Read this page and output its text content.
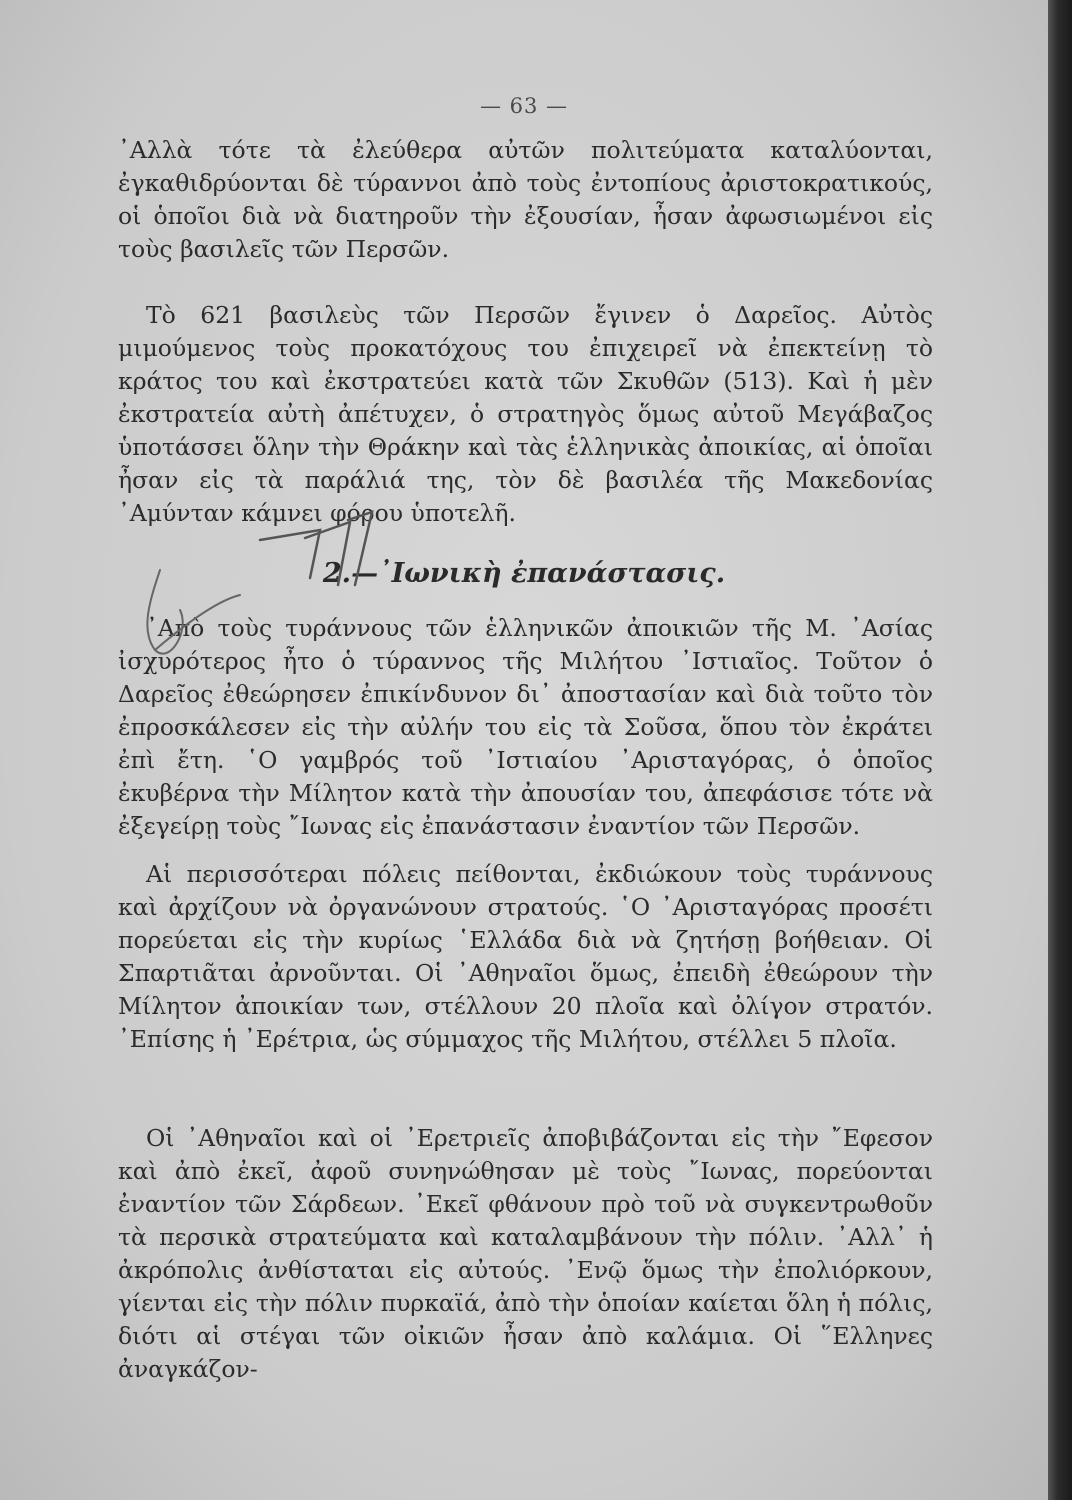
— 63 —

᾿Αλλὰ τότε τὰ ἐλεύθερα αὐτῶν πολιτεύματα καταλύονται, ἐγκαθιδρύονται δὲ τύραννοι ἀπὸ τοὺς ἐντοπίους ἀριστοκρατικούς, οἱ ὁποῖοι διὰ νὰ διατηροῦν τὴν ἐξουσίαν, ἦσαν ἀφωσιωμένοι εἰς τοὺς βασιλεῖς τῶν Περσῶν.

Τὸ 621 βασιλεὺς τῶν Περσῶν ἔγινεν ὁ Δαρεῖος. Αὐτὸς μιμούμενος τοὺς προκατόχους του ἐπιχειρεῖ νὰ ἐπεκτείνῃ τὸ κράτος του καὶ ἐκστρατεύει κατὰ τῶν Σκυθῶν (513). Καὶ ἡ μὲν ἐκστρατεία αὐτὴ ἀπέτυχεν, ὁ στρατηγὸς ὅμως αὐτοῦ Μεγάβαζος ὑποτάσσει ὅλην τὴν Θράκην καὶ τὰς ἑλληνικὰς ἀποικίας, αἱ ὁποῖαι ἦσαν εἰς τὰ παράλιά της, τὸν δὲ βασιλέα τῆς Μακεδονίας ᾿Αμύνταν κάμνει φόρου ὑποτελῆ.

2.—᾿Ιωνικὴ ἐπανάστασις.

᾿Απὸ τοὺς τυράννους τῶν ἑλληνικῶν ἀποικιῶν τῆς Μ. ᾿Ασίας ἰσχυρότερος ἦτο ὁ τύραννος τῆς Μιλήτου ᾿Ιστιαῖος. Τοῦτον ὁ Δαρεῖος ἐθεώρησεν ἐπικίνδυνον δι᾿ ἀποστασίαν καὶ διὰ τοῦτο τὸν ἐπροσκάλεσεν εἰς τὴν αὐλήν του εἰς τὰ Σοῦσα, ὅπου τὸν ἐκράτει ἐπὶ ἔτη. ῾Ο γαμβρός τοῦ ᾿Ιστιαίου ᾿Αρισταγόρας, ὁ ὁποῖος ἐκυβέρνα τὴν Μίλητον κατὰ τὴν ἀπουσίαν του, ἀπεφάσισε τότε νὰ ἐξεγείρῃ τοὺς ῎Ιωνας εἰς ἐπανάστασιν ἐναντίον τῶν Περσῶν.

Αἱ περισσότεραι πόλεις πείθονται, ἐκδιώκουν τοὺς τυράννους καὶ ἀρχίζουν νὰ ὀργανώνουν στρατούς. ῾Ο ᾿Αρισταγόρας προσέτι πορεύεται εἰς τὴν κυρίως ῾Ελλάδα διὰ νὰ ζητήσῃ βοήθειαν. Οἱ Σπαρτιᾶται ἀρνοῦνται. Οἱ ᾿Αθηναῖοι ὅμως, ἐπειδὴ ἐθεώρουν τὴν Μίλητον ἀποικίαν των, στέλλουν 20 πλοῖα καὶ ὀλίγον στρατόν. ᾿Επίσης ἡ ᾿Ερέτρια, ὡς σύμμαχος τῆς Μιλήτου, στέλλει 5 πλοῖα.

Οἱ ᾿Αθηναῖοι καὶ οἱ ᾿Ερετριεῖς ἀποβιβάζονται εἰς τὴν ῎Εφεσον καὶ ἀπὸ ἐκεῖ, ἀφοῦ συνηνώθησαν μὲ τοὺς ῎Ιωνας, πορεύονται ἐναντίον τῶν Σάρδεων. ᾿Εκεῖ φθάνουν πρὸ τοῦ νὰ συγκεντρωθοῦν τὰ περσικὰ στρατεύματα καὶ καταλαμβάνουν τὴν πόλιν. ᾿Αλλ᾿ ἡ ἀκρόπολις ἀνθίσταται εἰς αὐτούς. ᾿Ενῷ ὅμως τὴν ἐπολιόρκουν, γίενται εἰς τὴν πόλιν πυρκαϊά, ἀπὸ τὴν ὁποίαν καίεται ὅλη ἡ πόλις, διότι αἱ στέγαι τῶν οἰκιῶν ἦσαν ἀπὸ καλάμια. Οἱ ῞Ελληνες ἀναγκάζον-
